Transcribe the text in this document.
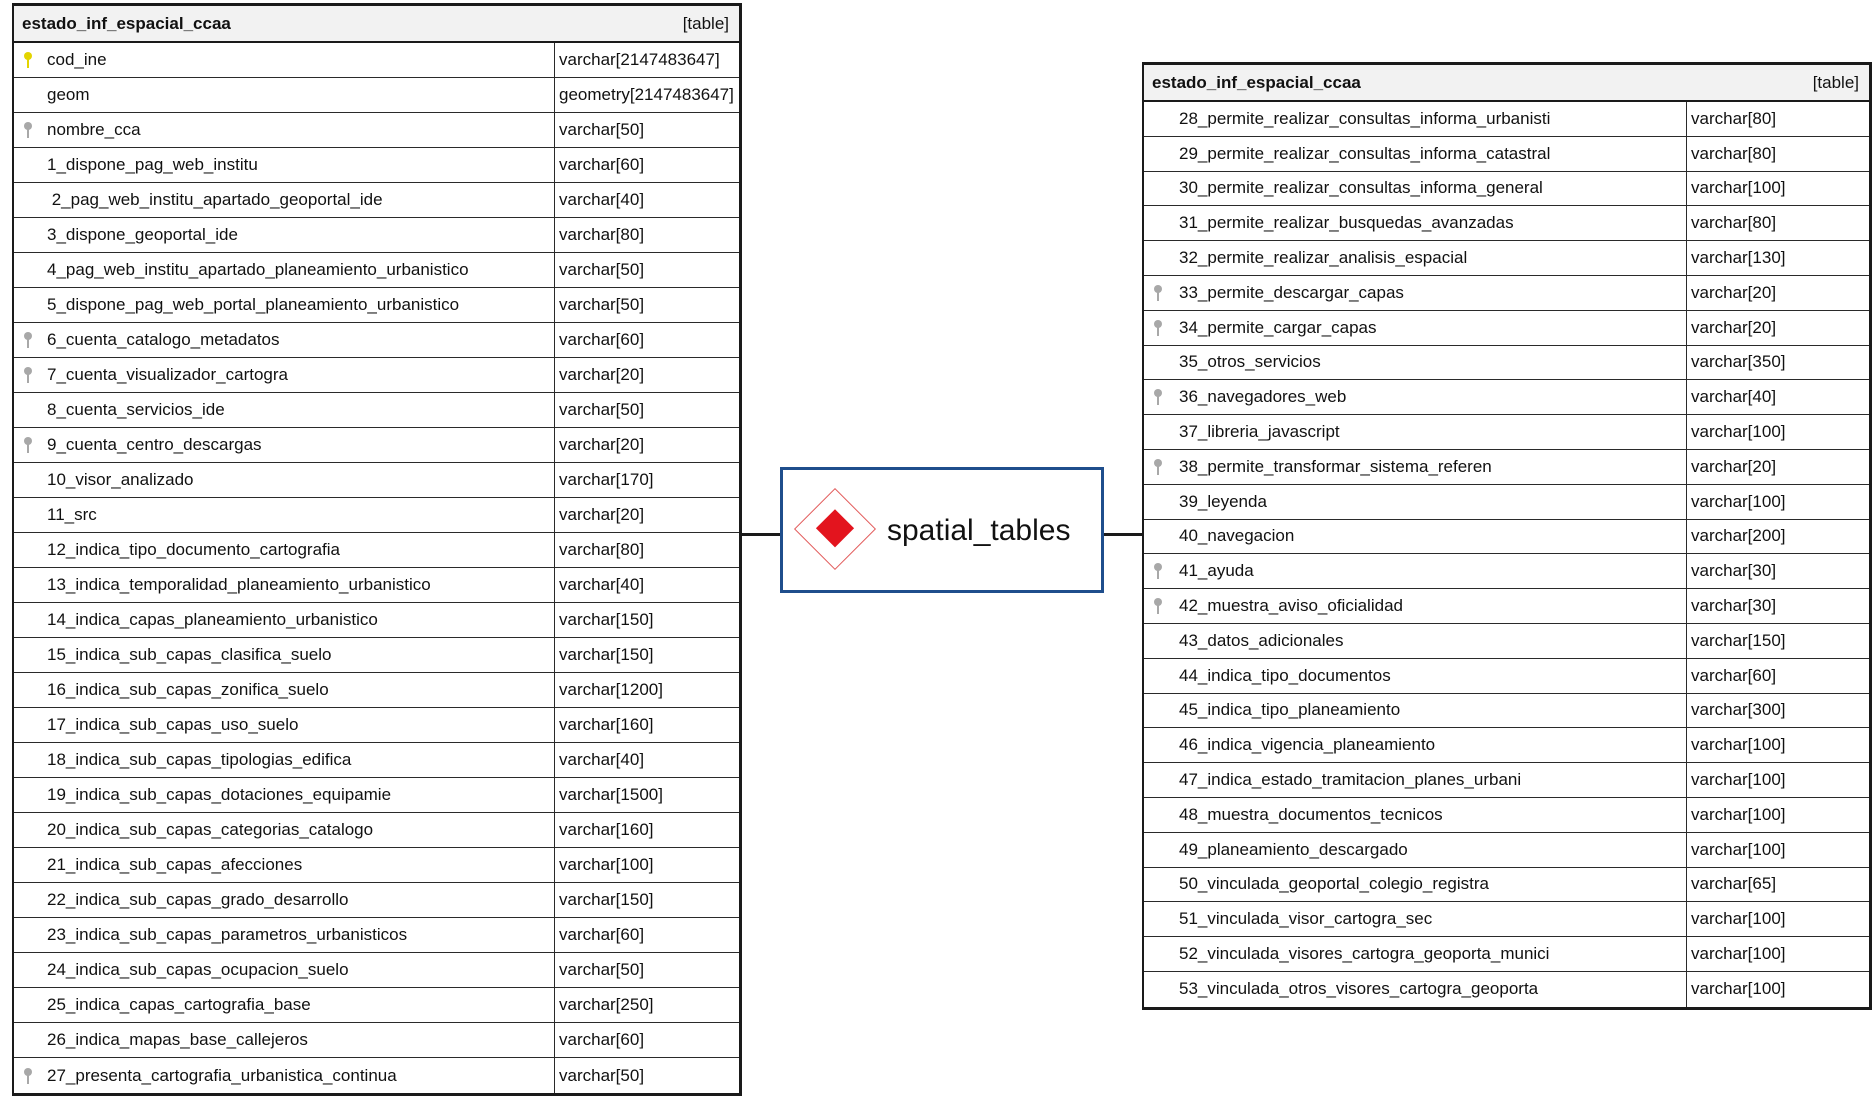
estado_inf_espacial_ccaa	[table]
cod_ine	varchar[2147483647]
geom	geometry[2147483647]
nombre_cca	varchar[50]
1_dispone_pag_web_institu	varchar[60]
2_pag_web_institu_apartado_geoportal_ide	varchar[40]
3_dispone_geoportal_ide	varchar[80]
4_pag_web_institu_apartado_planeamiento_urbanistico	varchar[50]
5_dispone_pag_web_portal_planeamiento_urbanistico	varchar[50]
6_cuenta_catalogo_metadatos	varchar[60]
7_cuenta_visualizador_cartogra	varchar[20]
8_cuenta_servicios_ide	varchar[50]
9_cuenta_centro_descargas	varchar[20]
10_visor_analizado	varchar[170]
11_src	varchar[20]
12_indica_tipo_documento_cartografia	varchar[80]
13_indica_temporalidad_planeamiento_urbanistico	varchar[40]
14_indica_capas_planeamiento_urbanistico	varchar[150]
15_indica_sub_capas_clasifica_suelo	varchar[150]
16_indica_sub_capas_zonifica_suelo	varchar[1200]
17_indica_sub_capas_uso_suelo	varchar[160]
18_indica_sub_capas_tipologias_edifica	varchar[40]
19_indica_sub_capas_dotaciones_equipamie	varchar[1500]
20_indica_sub_capas_categorias_catalogo	varchar[160]
21_indica_sub_capas_afecciones	varchar[100]
22_indica_sub_capas_grado_desarrollo	varchar[150]
23_indica_sub_capas_parametros_urbanisticos	varchar[60]
24_indica_sub_capas_ocupacion_suelo	varchar[50]
25_indica_capas_cartografia_base	varchar[250]
26_indica_mapas_base_callejeros	varchar[60]
27_presenta_cartografia_urbanistica_continua	varchar[50]
spatial_tables
estado_inf_espacial_ccaa	[table]
28_permite_realizar_consultas_informa_urbanisti	varchar[80]
29_permite_realizar_consultas_informa_catastral	varchar[80]
30_permite_realizar_consultas_informa_general	varchar[100]
31_permite_realizar_busquedas_avanzadas	varchar[80]
32_permite_realizar_analisis_espacial	varchar[130]
33_permite_descargar_capas	varchar[20]
34_permite_cargar_capas	varchar[20]
35_otros_servicios	varchar[350]
36_navegadores_web	varchar[40]
37_libreria_javascript	varchar[100]
38_permite_transformar_sistema_referen	varchar[20]
39_leyenda	varchar[100]
40_navegacion	varchar[200]
41_ayuda	varchar[30]
42_muestra_aviso_oficialidad	varchar[30]
43_datos_adicionales	varchar[150]
44_indica_tipo_documentos	varchar[60]
45_indica_tipo_planeamiento	varchar[300]
46_indica_vigencia_planeamiento	varchar[100]
47_indica_estado_tramitacion_planes_urbani	varchar[100]
48_muestra_documentos_tecnicos	varchar[100]
49_planeamiento_descargado	varchar[100]
50_vinculada_geoportal_colegio_registra	varchar[65]
51_vinculada_visor_cartogra_sec	varchar[100]
52_vinculada_visores_cartogra_geoporta_munici	varchar[100]
53_vinculada_otros_visores_cartogra_geoporta	varchar[100]
